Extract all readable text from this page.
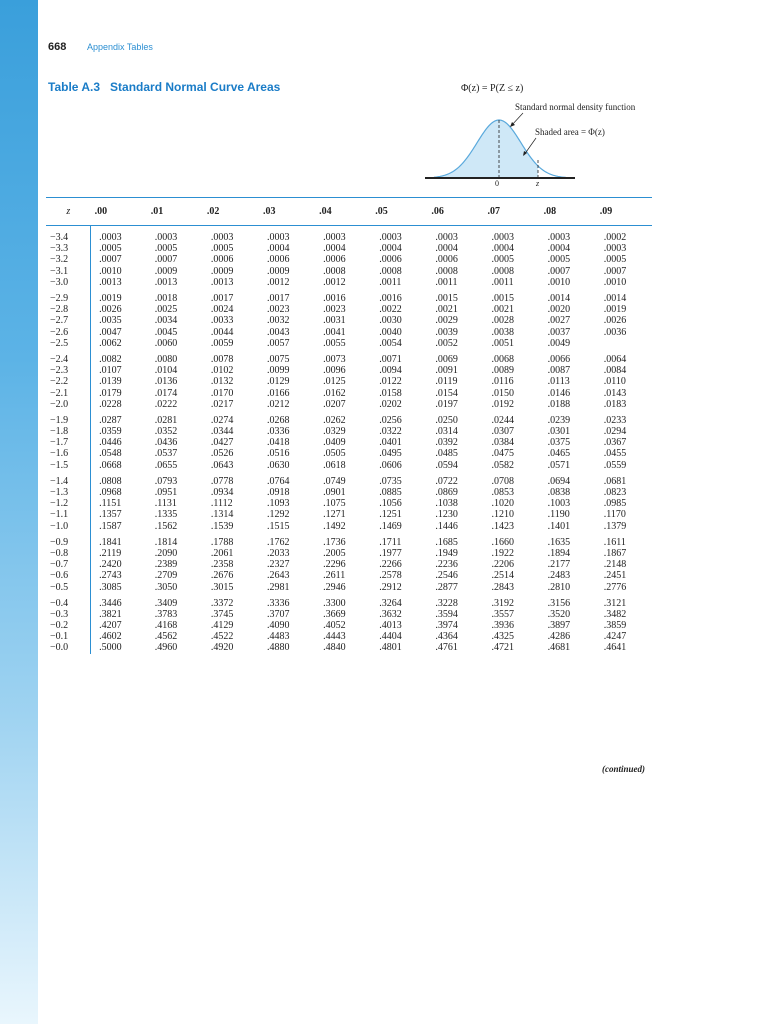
668 Appendix Tables
Table A.3 Standard Normal Curve Areas	Φ(z) = P(Z ≤ z)
Standard normal density function
Shaded area = Φ(z)
0	z
z	.00	.01	.02	.03	.04	.05	.06	.07	.08	.09
−3.4	.0003	.0003	.0003	.0003	.0003	.0003	.0003	.0003	.0003	.0002
−3.3	.0005	.0005	.0005	.0004	.0004	.0004	.0004	.0004	.0004	.0003
−3.2	.0007	.0007	.0006	.0006	.0006	.0006	.0006	.0005	.0005	.0005
−3.1	.0010	.0009	.0009	.0009	.0008	.0008	.0008	.0008	.0007	.0007
−3.0	.0013	.0013	.0013	.0012	.0012	.0011	.0011	.0011	.0010	.0010
−2.9	.0019	.0018	.0017	.0017	.0016	.0016	.0015	.0015	.0014	.0014
−2.8	.0026	.0025	.0024	.0023	.0023	.0022	.0021	.0021	.0020	.0019
−2.7	.0035	.0034	.0033	.0032	.0031	.0030	.0029	.0028	.0027	.0026
−2.6	.0047	.0045	.0044	.0043	.0041	.0040	.0039	.0038	.0037	.0036
−2.5	.0062	.0060	.0059	.0057	.0055	.0054	.0052	.0051	.0049	
−2.4	.0082	.0080	.0078	.0075	.0073	.0071	.0069	.0068	.0066	.0064
−2.3	.0107	.0104	.0102	.0099	.0096	.0094	.0091	.0089	.0087	.0084
−2.2	.0139	.0136	.0132	.0129	.0125	.0122	.0119	.0116	.0113	.0110
−2.1	.0179	.0174	.0170	.0166	.0162	.0158	.0154	.0150	.0146	.0143
−2.0	.0228	.0222	.0217	.0212	.0207	.0202	.0197	.0192	.0188	.0183
−1.9	.0287	.0281	.0274	.0268	.0262	.0256	.0250	.0244	.0239	.0233
−1.8	.0359	.0352	.0344	.0336	.0329	.0322	.0314	.0307	.0301	.0294
−1.7	.0446	.0436	.0427	.0418	.0409	.0401	.0392	.0384	.0375	.0367
−1.6	.0548	.0537	.0526	.0516	.0505	.0495	.0485	.0475	.0465	.0455
−1.5	.0668	.0655	.0643	.0630	.0618	.0606	.0594	.0582	.0571	.0559
−1.4	.0808	.0793	.0778	.0764	.0749	.0735	.0722	.0708	.0694	.0681
−1.3	.0968	.0951	.0934	.0918	.0901	.0885	.0869	.0853	.0838	.0823
−1.2	.1151	.1131	.1112	.1093	.1075	.1056	.1038	.1020	.1003	.0985
−1.1	.1357	.1335	.1314	.1292	.1271	.1251	.1230	.1210	.1190	.1170
−1.0	.1587	.1562	.1539	.1515	.1492	.1469	.1446	.1423	.1401	.1379
−0.9	.1841	.1814	.1788	.1762	.1736	.1711	.1685	.1660	.1635	.1611
−0.8	.2119	.2090	.2061	.2033	.2005	.1977	.1949	.1922	.1894	.1867
−0.7	.2420	.2389	.2358	.2327	.2296	.2266	.2236	.2206	.2177	.2148
−0.6	.2743	.2709	.2676	.2643	.2611	.2578	.2546	.2514	.2483	.2451
−0.5	.3085	.3050	.3015	.2981	.2946	.2912	.2877	.2843	.2810	.2776
−0.4	.3446	.3409	.3372	.3336	.3300	.3264	.3228	.3192	.3156	.3121
−0.3	.3821	.3783	.3745	.3707	.3669	.3632	.3594	.3557	.3520	.3482
−0.2	.4207	.4168	.4129	.4090	.4052	.4013	.3974	.3936	.3897	.3859
−0.1	.4602	.4562	.4522	.4483	.4443	.4404	.4364	.4325	.4286	.4247
−0.0	.5000	.4960	.4920	.4880	.4840	.4801	.4761	.4721	.4681	.4641
(continued)
